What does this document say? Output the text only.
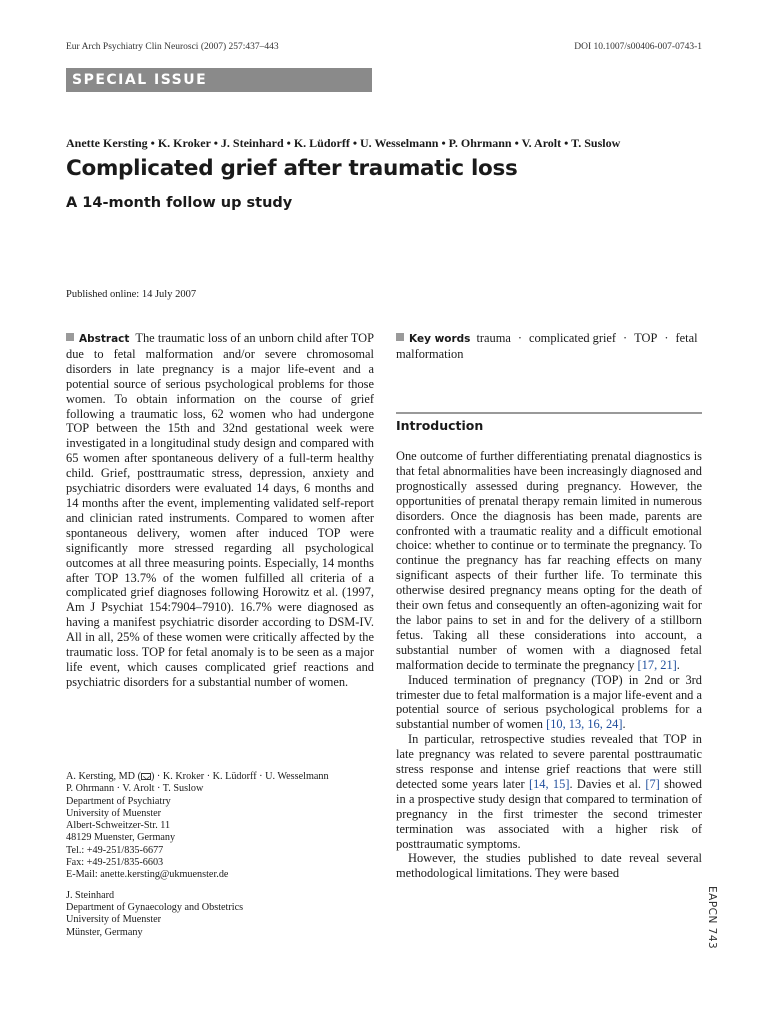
Eur Arch Psychiatry Clin Neurosci (2007) 257:437–443	DOI 10.1007/s00406-007-0743-1
SPECIAL ISSUE
Anette Kersting • K. Kroker • J. Steinhard • K. Lüdorff • U. Wesselmann • P. Ohrmann • V. Arolt • T. Suslow
Complicated grief after traumatic loss
A 14-month follow up study
Published online: 14 July 2007

Abstract The traumatic loss of an unborn child after TOP due to fetal malformation and/or severe chromosomal disorders in late pregnancy is a major life-event and a potential source of serious psychological problems for those women. To obtain information on the course of grief following a traumatic loss, 62 women who had undergone TOP between the 15th and 32nd gestational week were investigated in a longitudinal study design and compared with 65 women after spontaneous delivery of a full-term healthy child. Grief, posttraumatic stress, depression, anxiety and psychiatric disorders were evaluated 14 days, 6 months and 14 months after the event, implementing validated self-report and clinician rated instruments. Compared to women after spontaneous delivery, women after induced TOP were significantly more stressed regarding all psychological outcomes at all three measuring points. Especially, 14 months after TOP 13.7% of the women fulfilled all criteria of a complicated grief diagnoses following Horowitz et al. (1997, Am J Psychiat 154:7904–7910). 16.7% were diagnosed as having a manifest psychiatric disorder according to DSM-IV. All in all, 25% of these women were critically affected by the traumatic loss. TOP for fetal anomaly is to be seen as a major life event, which causes complicated grief reactions and psychiatric disorders for a substantial number of women.

Key words trauma · complicated grief · TOP · fetal malformation
Introduction

One outcome of further differentiating prenatal diagnostics is that fetal abnormalities have been increasingly diagnosed and prognostically assessed during pregnancy. However, the opportunities of prenatal therapy remain limited in numerous disorders. Once the diagnosis has been made, parents are confronted with a traumatic reality and a difficult emotional choice: whether to continue or to terminate the pregnancy. To continue the pregnancy has far reaching effects on many significant aspects of their further life. To terminate this otherwise desired pregnancy means opting for the death of their own fetus and consequently an often-agonizing wait for the labor pains to set in and for the delivery of a stillborn fetus. Taking all these considerations into account, a substantial number of women with a diagnosed fetal malformation decide to terminate the pregnancy [17, 21].

Induced termination of pregnancy (TOP) in 2nd or 3rd trimester due to fetal malformation is a major life-event and a potential source of serious psychological problems for a substantial number of women [10, 13, 16, 24].

In particular, retrospective studies revealed that TOP in late pregnancy was related to severe parental posttraumatic stress response and intense grief reactions that were still detected some years later [14, 15]. Davies et al. [7] showed in a prospective study design that compared to termination of pregnancy in the first trimester the second trimester termination was associated with a higher risk of posttraumatic symptoms.

However, the studies published to date reveal several methodological limitations. They were based

A. Kersting, MD ( ) · K. Kroker · K. Lüdorff · U. Wesselmann
P. Ohrmann · V. Arolt · T. Suslow
Department of Psychiatry
University of Muenster
Albert-Schweitzer-Str. 11
48129 Muenster, Germany
Tel.: +49-251/835-6677
Fax: +49-251/835-6603
E-Mail: anette.kersting@ukmuenster.de
J. Steinhard
Department of Gynaecology and Obstetrics
University of Muenster
Münster, Germany	EAPCN 743
